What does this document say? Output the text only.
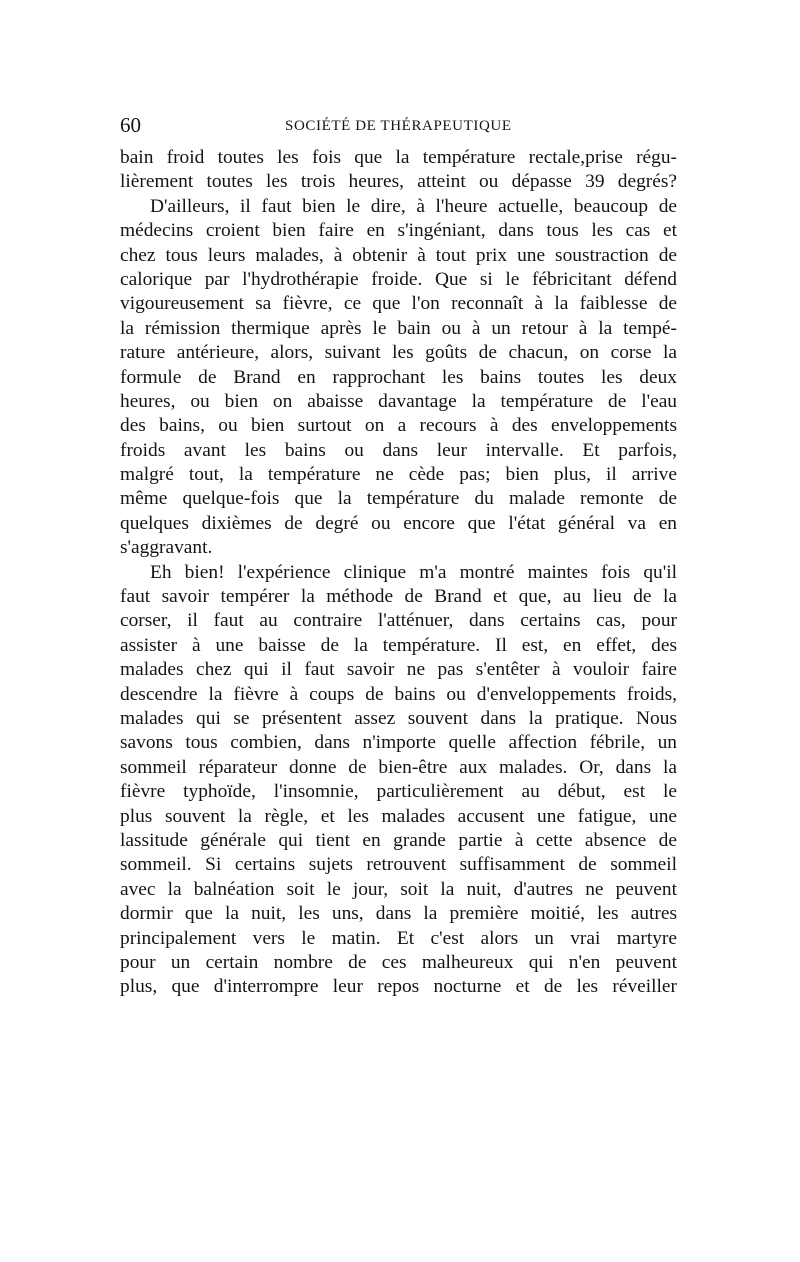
60	SOCIÉTÉ DE THÉRAPEUTIQUE
bain froid toutes les fois que la température rectale,prise régu-
lièrement toutes les trois heures, atteint ou dépasse 39 degrés?
D'ailleurs, il faut bien le dire, à l'heure actuelle, beaucoup de
médecins croient bien faire en s'ingéniant, dans tous les cas et
chez tous leurs malades, à obtenir à tout prix une soustraction de
calorique par l'hydrothérapie froide. Que si le fébricitant défend
vigoureusement sa fièvre, ce que l'on reconnaît à la faiblesse de
la rémission thermique après le bain ou à un retour à la tempé-
rature antérieure, alors, suivant les goûts de chacun, on corse la
formule de Brand en rapprochant les bains toutes les deux
heures, ou bien on abaisse davantage la température de l'eau
des bains, ou bien surtout on a recours à des enveloppements
froids avant les bains ou dans leur intervalle. Et parfois,
malgré tout, la température ne cède pas; bien plus, il arrive
même quelque-fois que la température du malade remonte de
quelques dixièmes de degré ou encore que l'état général va en
s'aggravant.
Eh bien! l'expérience clinique m'a montré maintes fois qu'il
faut savoir tempérer la méthode de Brand et que, au lieu de la
corser, il faut au contraire l'atténuer, dans certains cas, pour
assister à une baisse de la température. Il est, en effet, des
malades chez qui il faut savoir ne pas s'entêter à vouloir faire
descendre la fièvre à coups de bains ou d'enveloppements froids,
malades qui se présentent assez souvent dans la pratique. Nous
savons tous combien, dans n'importe quelle affection fébrile, un
sommeil réparateur donne de bien-être aux malades. Or, dans la
fièvre typhoïde, l'insomnie, particulièrement au début, est le
plus souvent la règle, et les malades accusent une fatigue, une
lassitude générale qui tient en grande partie à cette absence de
sommeil. Si certains sujets retrouvent suffisamment de sommeil
avec la balnéation soit le jour, soit la nuit, d'autres ne peuvent
dormir que la nuit, les uns, dans la première moitié, les autres
principalement vers le matin. Et c'est alors un vrai martyre
pour un certain nombre de ces malheureux qui n'en peuvent
plus, que d'interrompre leur repos nocturne et de les réveiller
